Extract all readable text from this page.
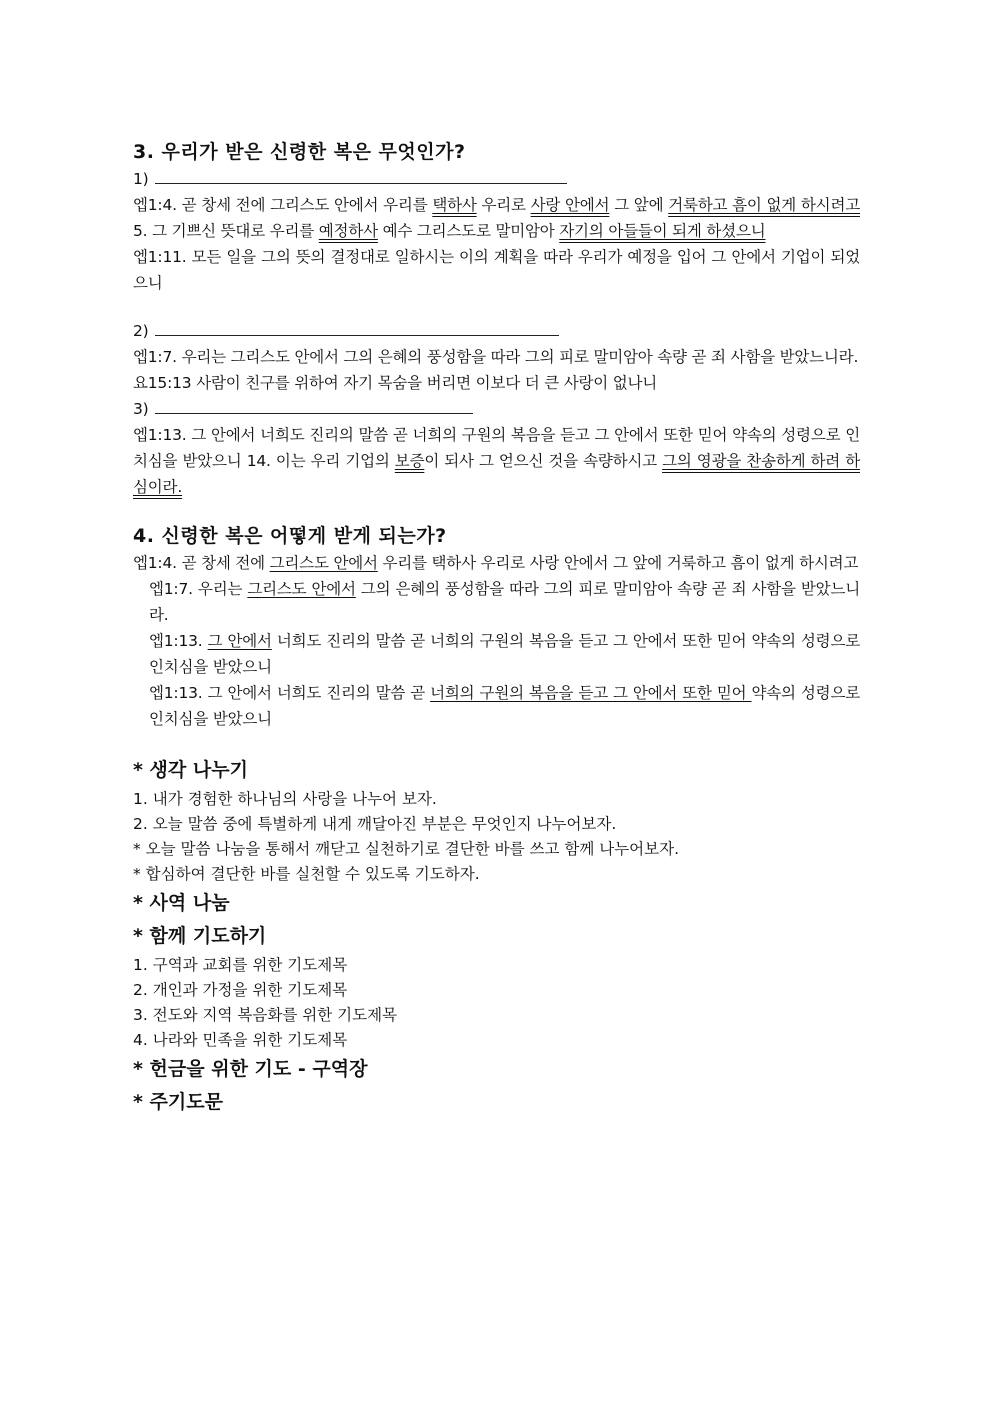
3. 우리가 받은 신령한 복은 무엇인가?
1)
엡1:4. 곧 창세 전에 그리스도 안에서 우리를 택하사 우리로 사랑 안에서 그 앞에 거룩하고 흠이 없게 하시려고 5. 그 기쁘신 뜻대로 우리를 예정하사 예수 그리스도로 말미암아 자기의 아들들이 되게 하셨으니
엡1:11. 모든 일을 그의 뜻의 결정대로 일하시는 이의 계획을 따라 우리가 예정을 입어 그 안에서 기업이 되었으니
2)
엡1:7. 우리는 그리스도 안에서 그의 은혜의 풍성함을 따라 그의 피로 말미암아 속량 곧 죄 사함을 받았느니라.
요15:13 사람이 친구를 위하여 자기 목숨을 버리면 이보다 더 큰 사랑이 없나니
3)
엡1:13. 그 안에서 너희도 진리의 말씀 곧 너희의 구원의 복음을 듣고 그 안에서 또한 믿어 약속의 성령으로 인치심을 받았으니 14. 이는 우리 기업의 보증이 되사 그 얻으신 것을 속량하시고 그의 영광을 찬송하게 하려 하심이라.
4. 신령한 복은 어떻게 받게 되는가?
엡1:4. 곧 창세 전에 그리스도 안에서 우리를 택하사 우리로 사랑 안에서 그 앞에 거룩하고 흠이 없게 하시려고
엡1:7. 우리는 그리스도 안에서 그의 은혜의 풍성함을 따라 그의 피로 말미암아 속량 곧 죄 사함을 받았느니라.
엡1:13. 그 안에서 너희도 진리의 말씀 곧 너희의 구원의 복음을 듣고 그 안에서 또한 믿어 약속의 성령으로 인치심을 받았으니
엡1:13. 그 안에서 너희도 진리의 말씀 곧 너희의 구원의 복음을 듣고 그 안에서 또한 믿어 약속의 성령으로 인치심을 받았으니
* 생각 나누기
1. 내가 경험한 하나님의 사랑을 나누어 보자.
2. 오늘 말씀 중에 특별하게 내게 깨달아진 부분은 무엇인지 나누어보자.
* 오늘 말씀 나눔을 통해서 깨닫고 실천하기로 결단한 바를 쓰고 함께 나누어보자.
* 합심하여 결단한 바를 실천할 수 있도록 기도하자.
* 사역 나눔
* 함께 기도하기
1. 구역과 교회를 위한 기도제목
2. 개인과 가정을 위한 기도제목
3. 전도와 지역 복음화를 위한 기도제목
4. 나라와 민족을 위한 기도제목
* 헌금을 위한 기도 - 구역장
* 주기도문
